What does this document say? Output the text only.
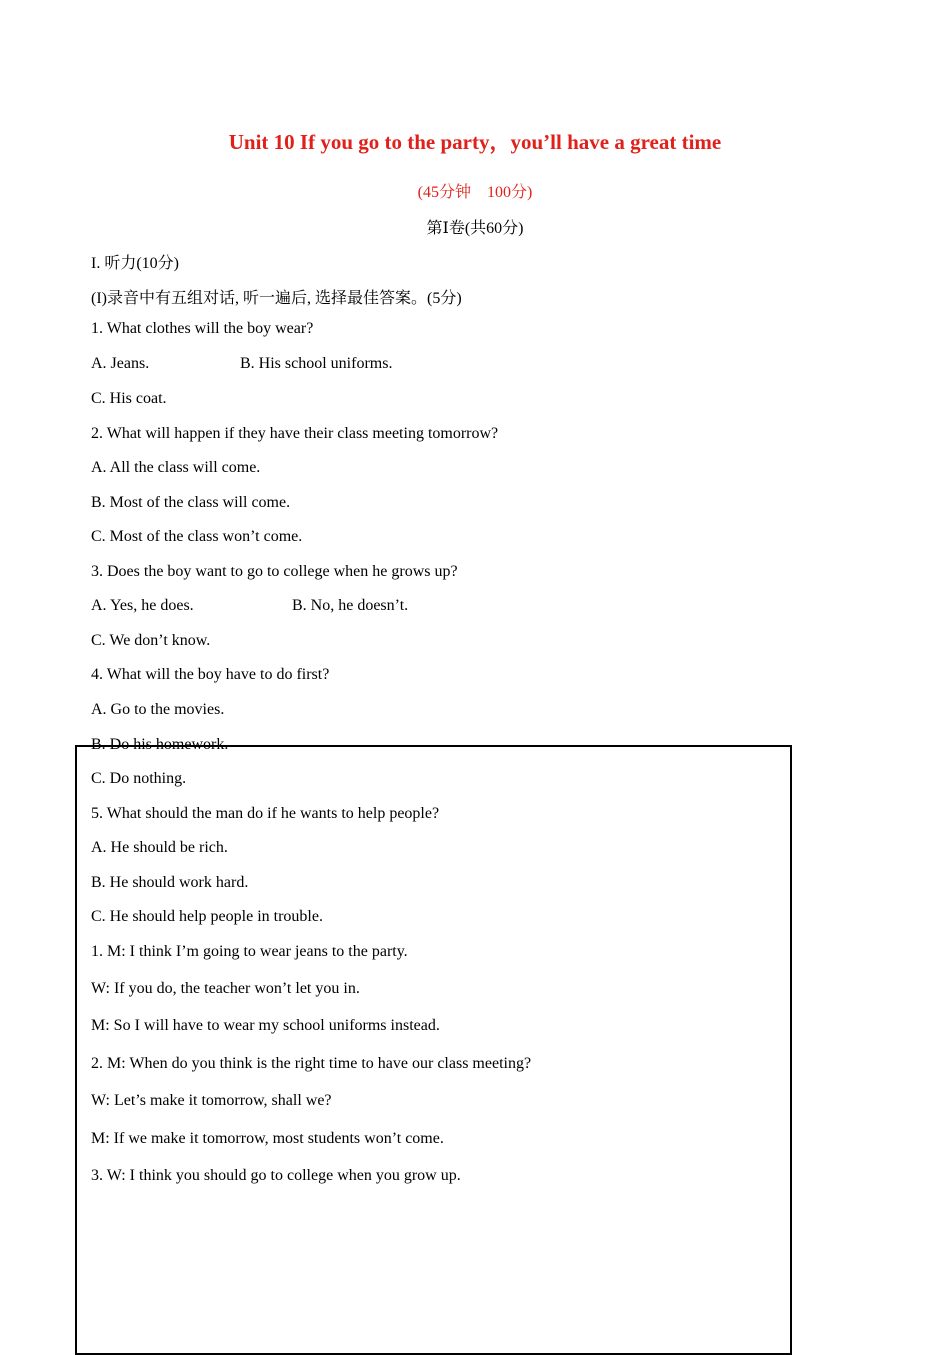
Unit 10 If you go to the party，you’ll have a great time
(45分钟　100分)
第Ⅰ卷(共60分)
I. 听力(10分)
(I)录音中有五组对话, 听一遍后, 选择最佳答案。(5分)
1. What clothes will the boy wear?
A. Jeans.	B. His school uniforms.
C. His coat.
2. What will happen if they have their class meeting tomorrow?
A. All the class will come.
B. Most of the class will come.
C. Most of the class won’t come.
3. Does the boy want to go to college when he grows up?
A. Yes, he does.	B. No, he doesn’t.
C. We don’t know.
4. What will the boy have to do first?
A. Go to the movies.
B. Do his homework.
C. Do nothing.
5. What should the man do if he wants to help people?
A. He should be rich.
B. He should work hard.
C. He should help people in trouble.
1. M: I think I’m going to wear jeans to the party.
W: If you do, the teacher won’t let you in.
M: So I will have to wear my school uniforms instead.
2. M: When do you think is the right time to have our class meeting?
W: Let’s make it tomorrow, shall we?
M: If we make it tomorrow, most students won’t come.
3. W: I think you should go to college when you grow up.
